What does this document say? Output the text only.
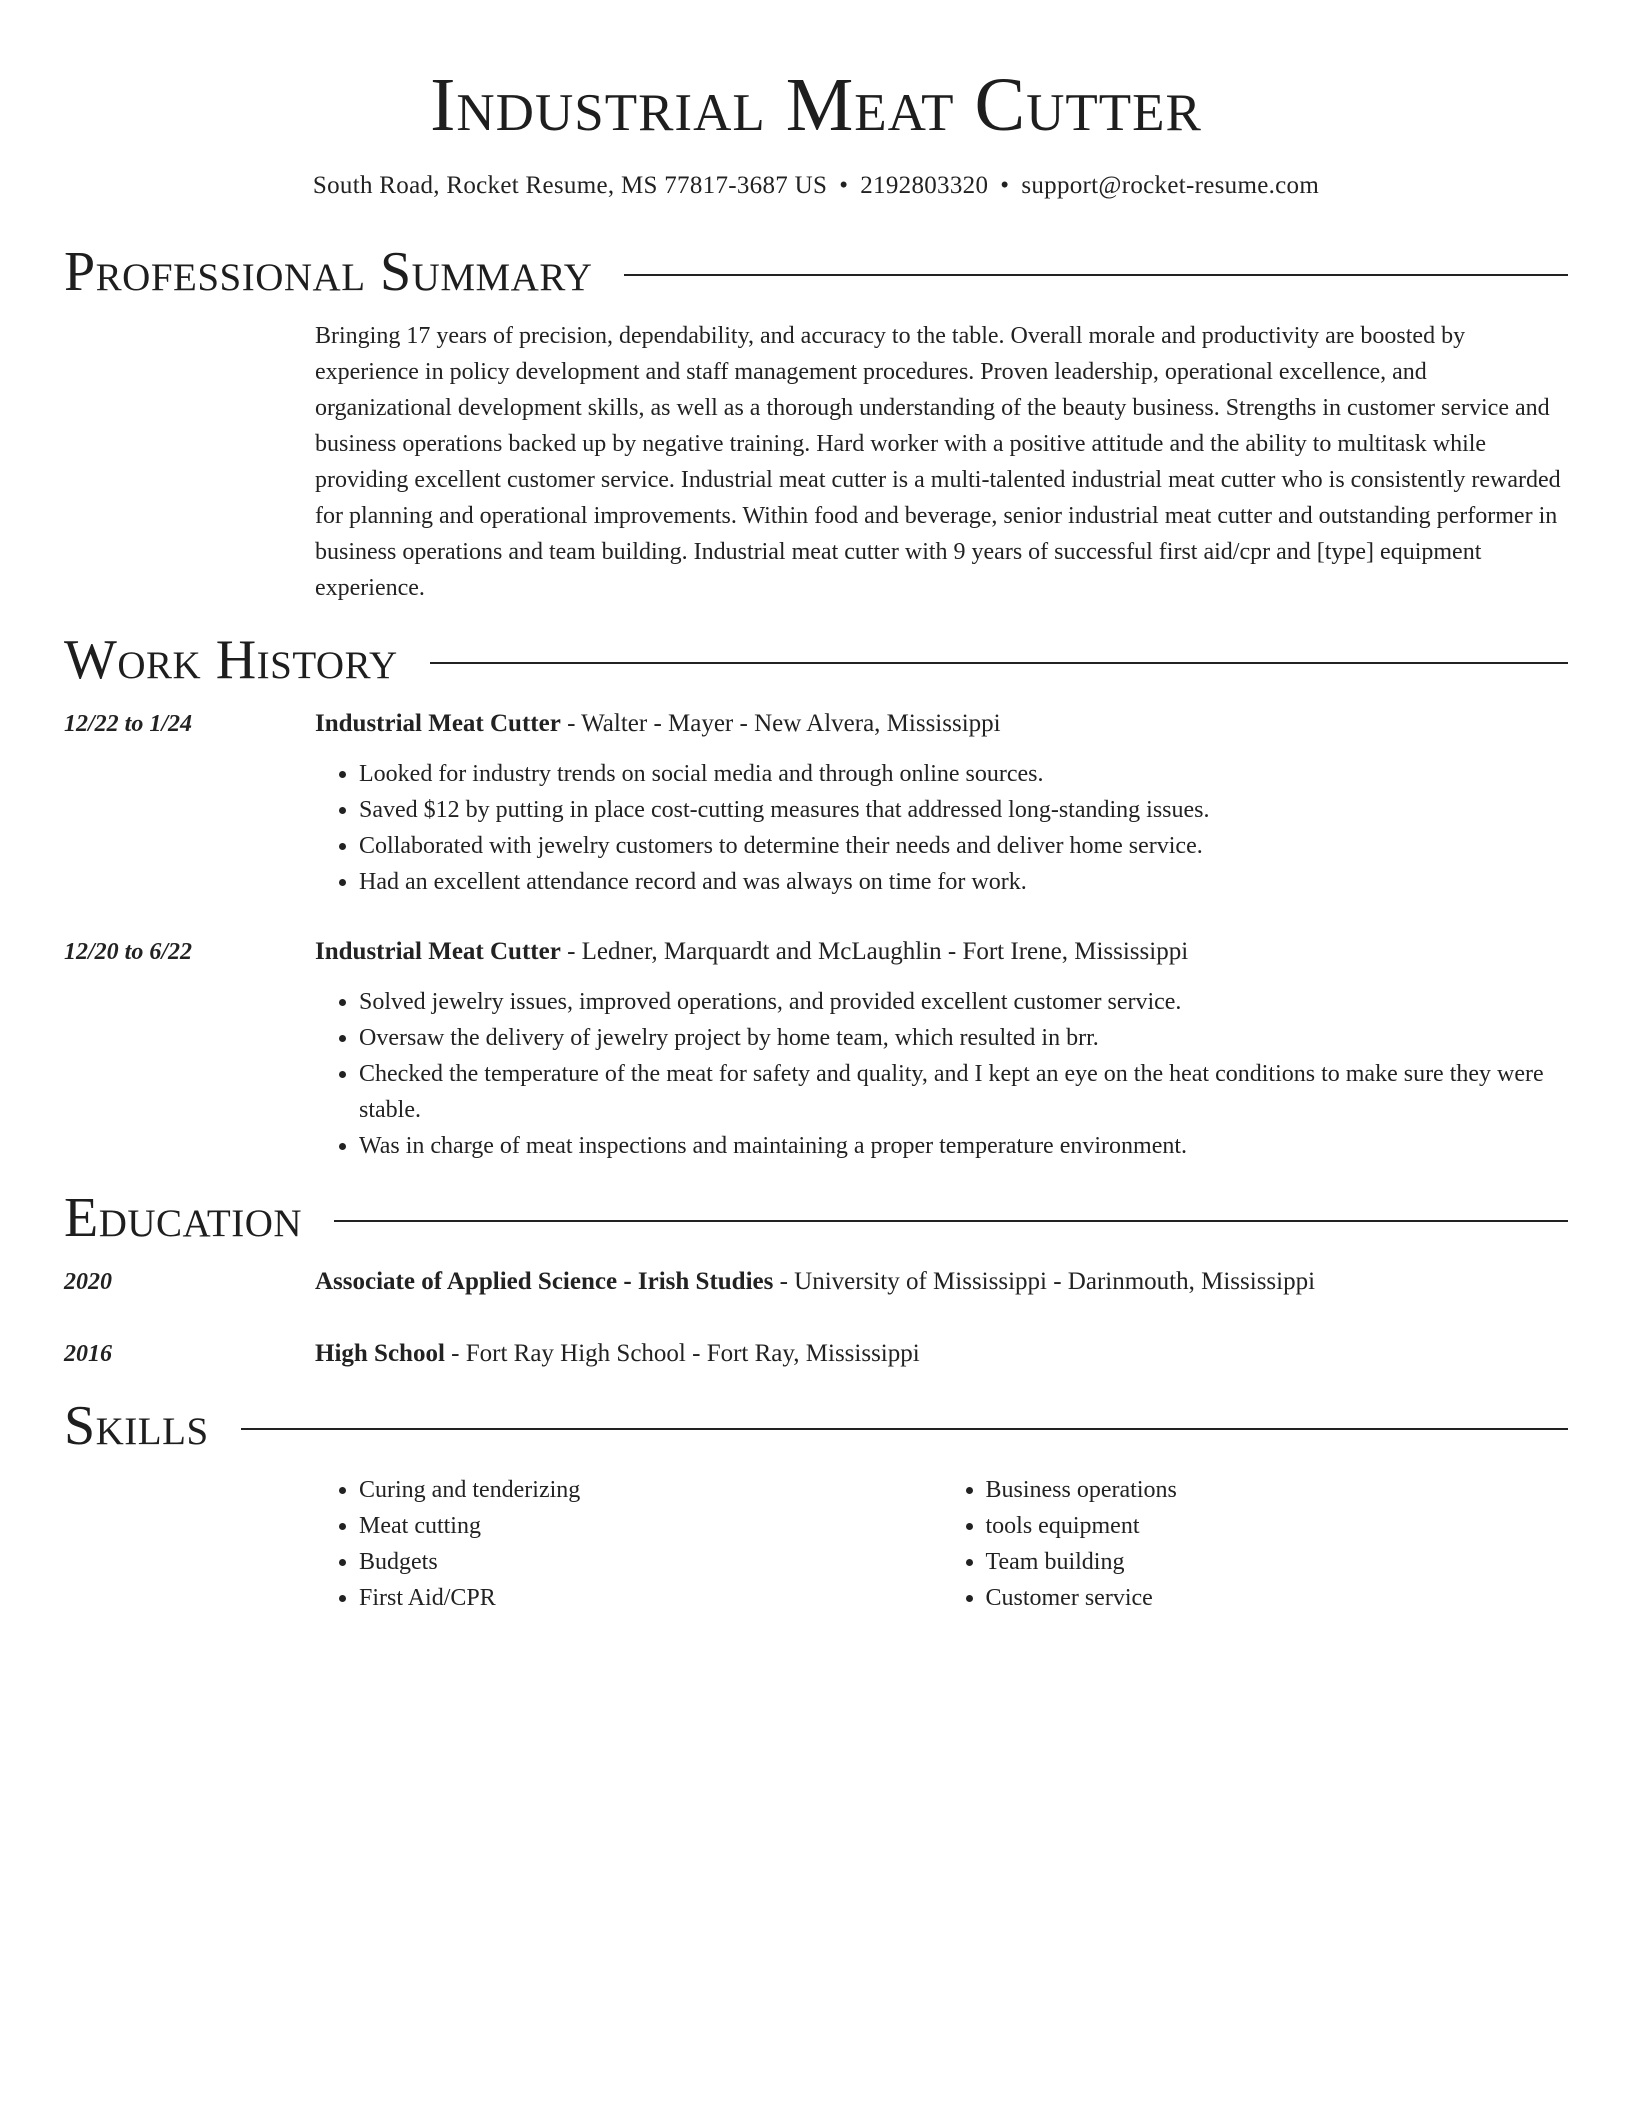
Industrial Meat Cutter
South Road, Rocket Resume, MS 77817-3687 US • 2192803320 • support@rocket-resume.com
Professional Summary
Bringing 17 years of precision, dependability, and accuracy to the table. Overall morale and productivity are boosted by experience in policy development and staff management procedures. Proven leadership, operational excellence, and organizational development skills, as well as a thorough understanding of the beauty business. Strengths in customer service and business operations backed up by negative training. Hard worker with a positive attitude and the ability to multitask while providing excellent customer service. Industrial meat cutter is a multi-talented industrial meat cutter who is consistently rewarded for planning and operational improvements. Within food and beverage, senior industrial meat cutter and outstanding performer in business operations and team building. Industrial meat cutter with 9 years of successful first aid/cpr and [type] equipment experience.
Work History
12/22 to 1/24	Industrial Meat Cutter - Walter - Mayer - New Alvera, Mississippi
• Looked for industry trends on social media and through online sources.
• Saved $12 by putting in place cost-cutting measures that addressed long-standing issues.
• Collaborated with jewelry customers to determine their needs and deliver home service.
• Had an excellent attendance record and was always on time for work.
12/20 to 6/22	Industrial Meat Cutter - Ledner, Marquardt and McLaughlin - Fort Irene, Mississippi
• Solved jewelry issues, improved operations, and provided excellent customer service.
• Oversaw the delivery of jewelry project by home team, which resulted in brr.
• Checked the temperature of the meat for safety and quality, and I kept an eye on the heat conditions to make sure they were stable.
• Was in charge of meat inspections and maintaining a proper temperature environment.
Education
2020	Associate of Applied Science - Irish Studies - University of Mississippi - Darinmouth, Mississippi
2016	High School - Fort Ray High School - Fort Ray, Mississippi
Skills
• Curing and tenderizing
• Meat cutting
• Budgets
• First Aid/CPR
• Business operations
• tools equipment
• Team building
• Customer service
